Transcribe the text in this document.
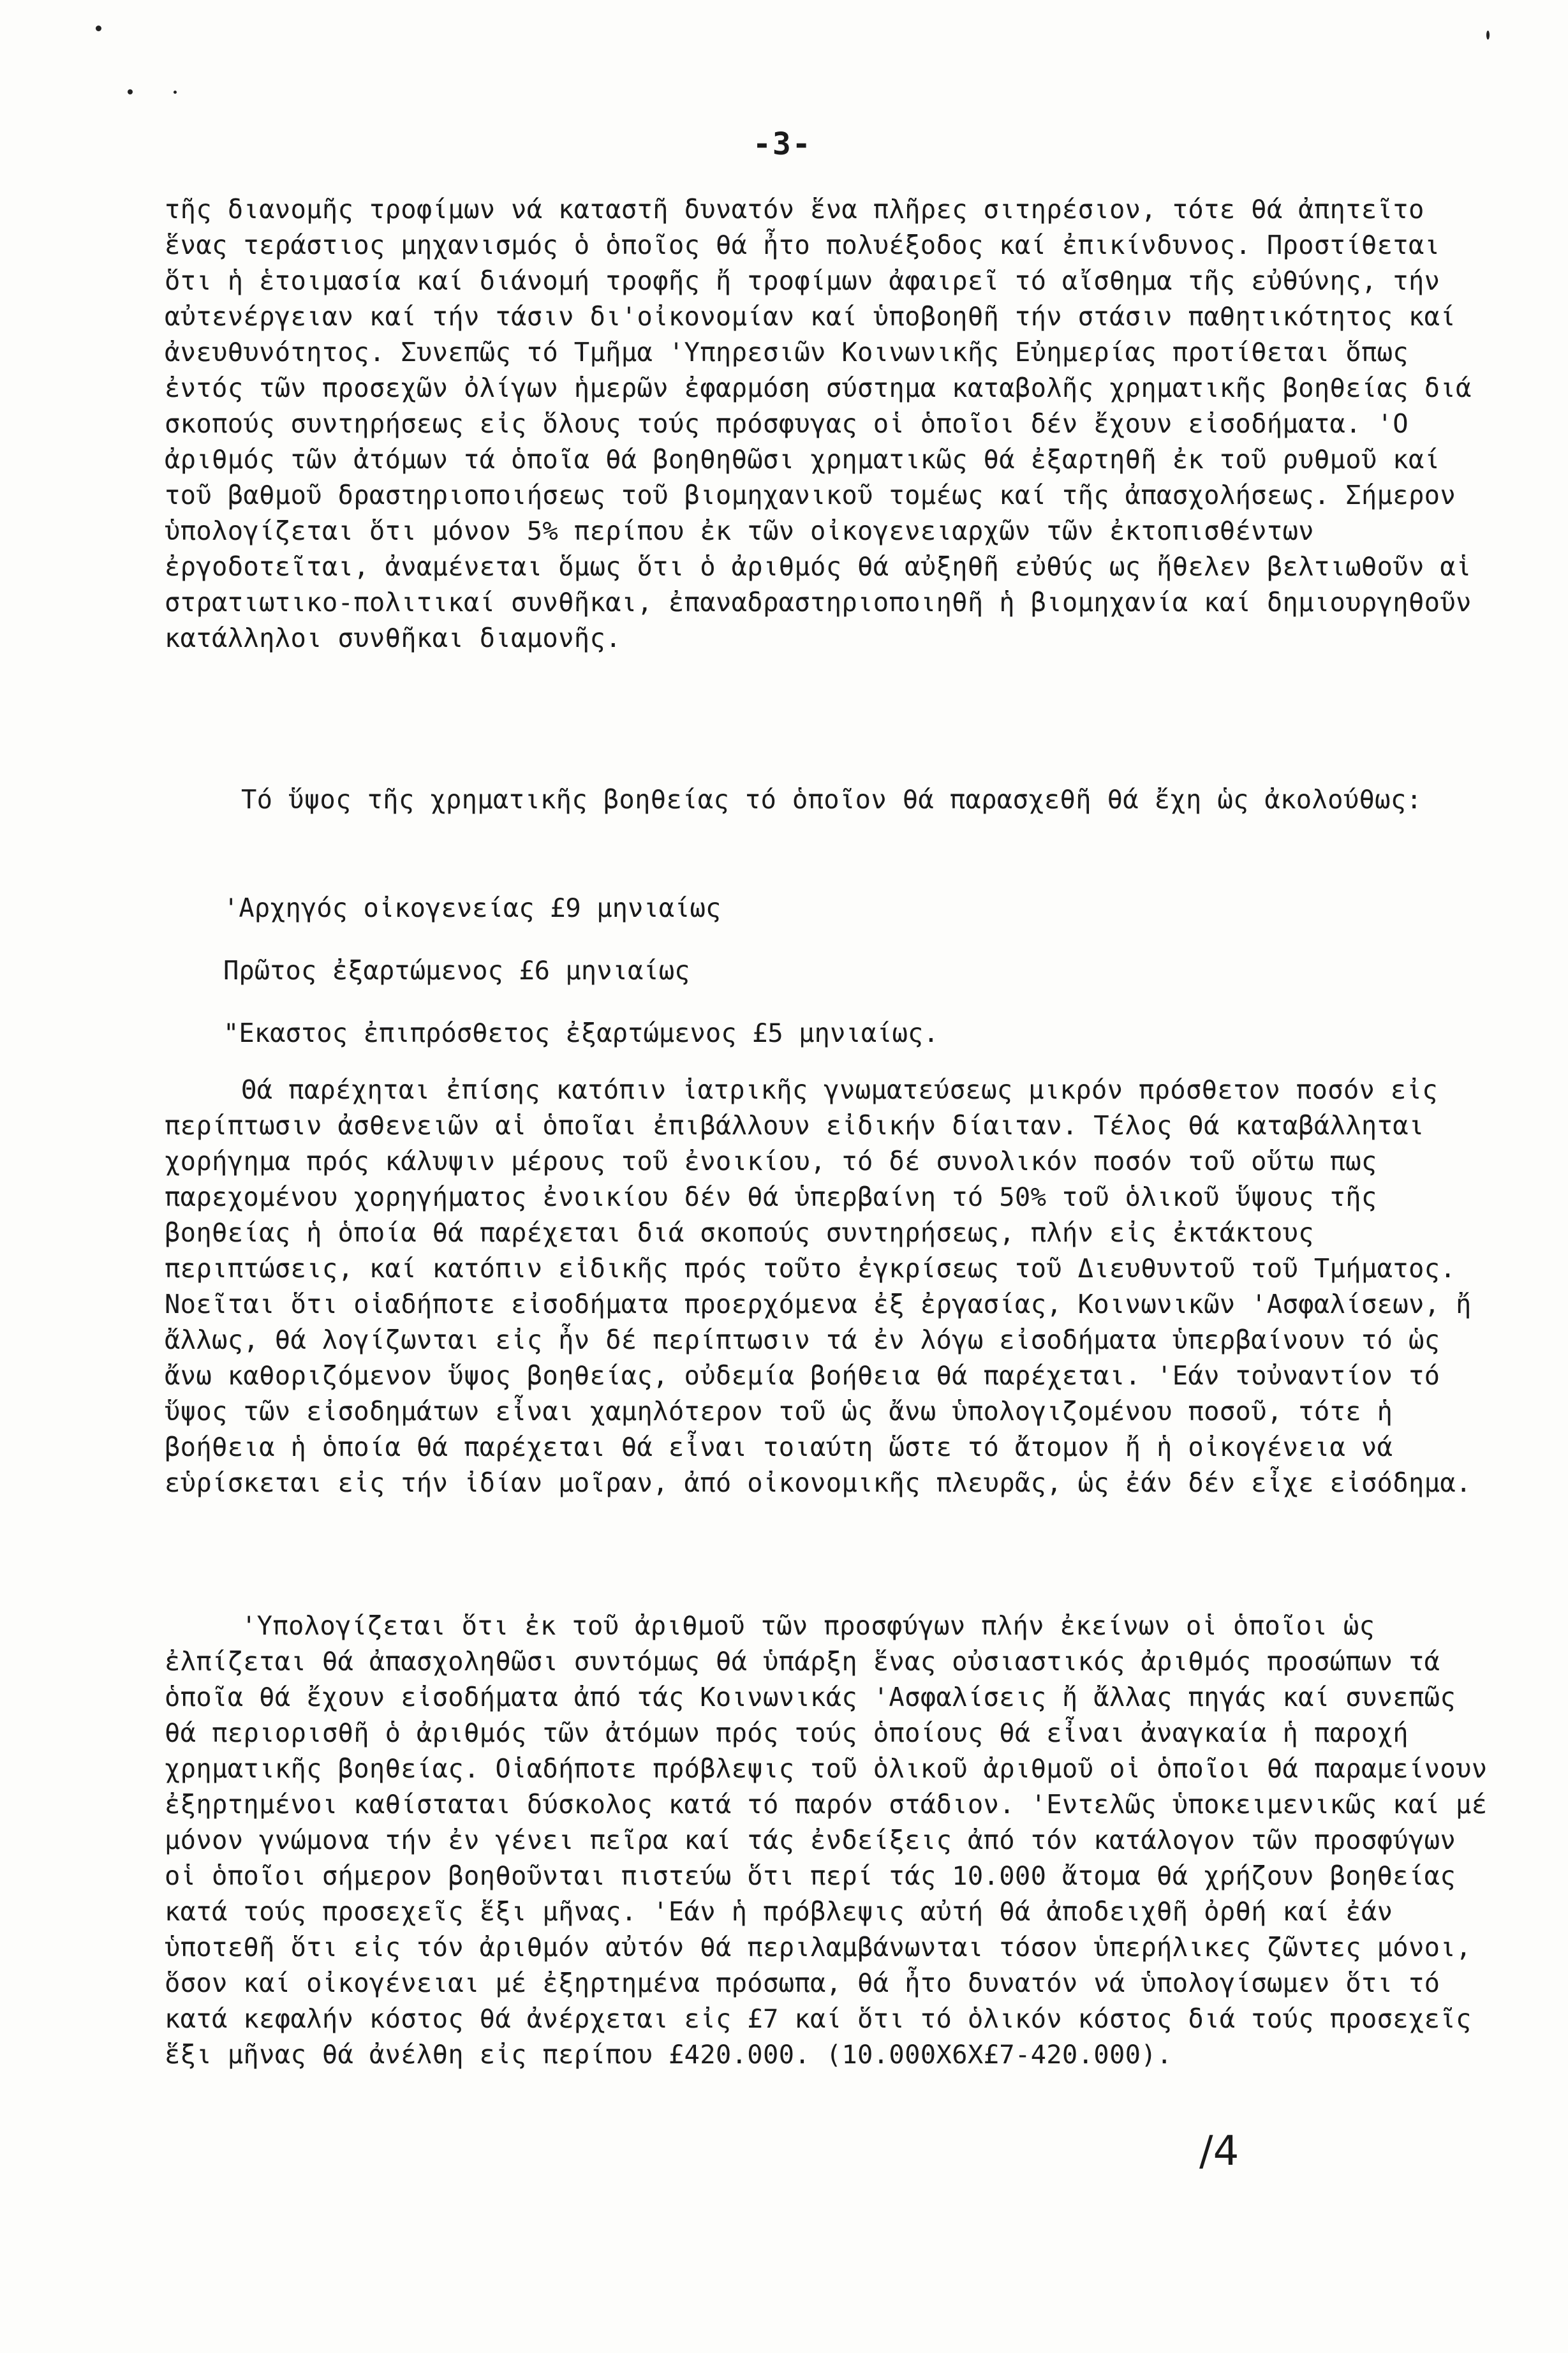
-3-
τῆς διανομῆς τροφίμων νά καταστῆ δυνατόν ἕνα πλῆρες σιτηρέσιον, τότε θά ἀπητεῖτο ἕνας τεράστιος μηχανισμός ὁ ὁποῖος θά ἦτο πολυέξοδος καί ἐπικίνδυνος. Προστίθεται ὅτι ἡ ἑτοιμασία καί διάνομή τροφῆς ἤ τροφίμων ἀφαιρεῖ τό αἴσθημα τῆς εὐθύνης, τήν αὐτενέργειαν καί τήν τάσιν δι'οἰκονομίαν καί ὑποβοηθῆ τήν στάσιν παθητικότητος καί ἀνευθυνότητος. Συνεπῶς τό Τμῆμα 'Υπηρεσιῶν Κοινωνικῆς Εὐημερίας προτίθεται ὅπως ἐντός τῶν προσεχῶν ὀλίγων ἡμερῶν ἐφαρμόση σύστημα καταβολῆς χρηματικῆς βοηθείας διά σκοπούς συντηρήσεως εἰς ὅλους τούς πρόσφυγας οἱ ὁποῖοι δέν ἔχουν εἰσοδήματα. 'Ο ἀριθμός τῶν ἀτόμων τά ὁποῖα θά βοηθηθῶσι χρηματικῶς θά ἐξαρτηθῆ ἐκ τοῦ ρυθμοῦ καί τοῦ βαθμοῦ δραστηριοποιήσεως τοῦ βιομηχανικοῦ τομέως καί τῆς ἀπασχολήσεως. Σήμερον ὑπολογίζεται ὅτι μόνον 5% περίπου ἐκ τῶν οἰκογενειαρχῶν τῶν ἐκτοπισθέντων ἐργοδοτεῖται, ἀναμένεται ὅμως ὅτι ὁ ἀριθμός θά αὐξηθῆ εὐθύς ως ἤθελεν βελτιωθοῦν αἱ στρατιωτικο-πολιτικαί συνθῆκαι, ἐπαναδραστηριοποιηθῆ ἡ βιομηχανία καί δημιουργηθοῦν κατάλληλοι συνθῆκαι διαμονῆς.
Τό ὕψος τῆς χρηματικῆς βοηθείας τό ὁποῖον θά παρασχεθῆ θά ἔχη ὡς ἀκολούθως:
'Αρχηγός οἰκογενείας £9 μηνιαίως
Πρῶτος ἐξαρτώμενος £6 μηνιαίως
"Εκαστος ἐπιπρόσθετος ἐξαρτώμενος £5 μηνιαίως.
Θά παρέχηται ἐπίσης κατόπιν ἰατρικῆς γνωματεύσεως μικρόν πρόσθετον ποσόν εἰς περίπτωσιν ἀσθενειῶν αἱ ὁποῖαι ἐπιβάλλουν εἰδικήν δίαιταν. Τέλος θά καταβάλληται χορήγημα πρός κάλυψιν μέρους τοῦ ἐνοικίου, τό δέ συνολικόν ποσόν τοῦ οὕτω πως παρεχομένου χορηγήματος ἐνοικίου δέν θά ὑπερβαίνη τό 50% τοῦ ὁλικοῦ ὕψους τῆς βοηθείας ἡ ὁποία θά παρέχεται διά σκοπούς συντηρήσεως, πλήν εἰς ἐκτάκτους περιπτώσεις, καί κατόπιν εἰδικῆς πρός τοῦτο ἐγκρίσεως τοῦ Διευθυντοῦ τοῦ Τμήματος. Νοεῖται ὅτι οἱαδήποτε εἰσοδήματα προερχόμενα ἐξ ἐργασίας, Κοινωνικῶν 'Ασφαλίσεων, ἤ ἄλλως, θά λογίζωνται εἰς ἦν δέ περίπτωσιν τά ἐν λόγω εἰσοδήματα ὑπερβαίνουν τό ὡς ἄνω καθοριζόμενον ὕψος βοηθείας, οὐδεμία βοήθεια θά παρέχεται. 'Εάν τοὐναντίον τό ὕψος τῶν εἰσοδημάτων εἶναι χαμηλότερον τοῦ ὡς ἄνω ὑπολογιζομένου ποσοῦ, τότε ἡ βοήθεια ἡ ὁποία θά παρέχεται θά εἶναι τοιαύτη ὥστε τό ἄτομον ἤ ἡ οἰκογένεια νά εὑρίσκεται εἰς τήν ἰδίαν μοῖραν, ἀπό οἰκονομικῆς πλευρᾶς, ὡς ἐάν δέν εἶχε εἰσόδημα.
'Υπολογίζεται ὅτι ἐκ τοῦ ἀριθμοῦ τῶν προσφύγων πλήν ἐκείνων οἱ ὁποῖοι ὡς ἐλπίζεται θά ἀπασχοληθῶσι συντόμως θά ὑπάρξη ἕνας οὐσιαστικός ἀριθμός προσώπων τά ὁποῖα θά ἔχουν εἰσοδήματα ἀπό τάς Κοινωνικάς 'Ασφαλίσεις ἤ ἄλλας πηγάς καί συνεπῶς θά περιορισθῆ ὁ ἀριθμός τῶν ἀτόμων πρός τούς ὁποίους θά εἶναι ἀναγκαία ἡ παροχή χρηματικῆς βοηθείας. Οἱαδήποτε πρόβλεψις τοῦ ὁλικοῦ ἀριθμοῦ οἱ ὁποῖοι θά παραμείνουν ἐξηρτημένοι καθίσταται δύσκολος κατά τό παρόν στάδιον. 'Εντελῶς ὑποκειμενικῶς καί μέ μόνον γνώμονα τήν ἐν γένει πεῖρα καί τάς ἐνδείξεις ἀπό τόν κατάλογον τῶν προσφύγων οἱ ὁποῖοι σήμερον βοηθοῦνται πιστεύω ὅτι περί τάς 10.000 ἄτομα θά χρήζουν βοηθείας κατά τούς προσεχεῖς ἕξι μῆνας. 'Εάν ἡ πρόβλεψις αὐτή θά ἀποδειχθῆ ὀρθή καί ἐάν ὑποτεθῆ ὅτι εἰς τόν ἀριθμόν αὐτόν θά περιλαμβάνωνται τόσον ὑπερήλικες ζῶντες μόνοι, ὅσον καί οἰκογένειαι μέ ἐξηρτημένα πρόσωπα, θά ἦτο δυνατόν νά ὑπολογίσωμεν ὅτι τό κατά κεφαλήν κόστος θά ἀνέρχεται εἰς £7 καί ὅτι τό ὁλικόν κόστος διά τούς προσεχεῖς ἕξι μῆνας θά ἀνέλθη εἰς περίπου £420.000. (10.000X6X£7-420.000).
/4
